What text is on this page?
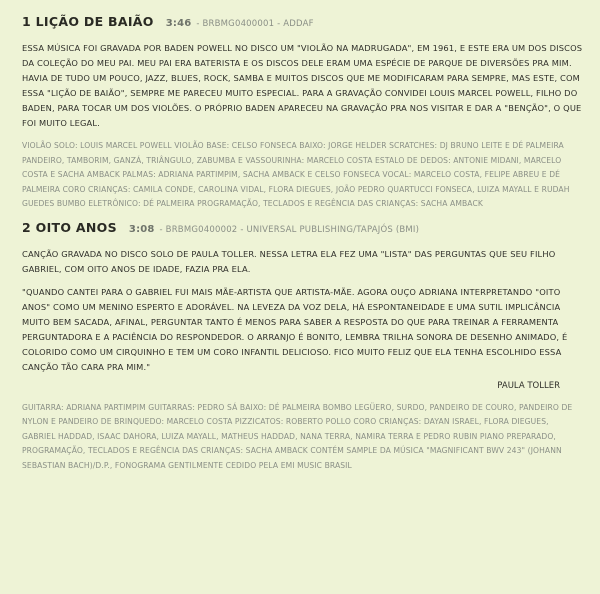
1 LIÇÃO DE BAIÃO 3:46 - BRBMG0400001 - ADDAF

ESSA MÚSICA FOI GRAVADA POR BADEN POWELL NO DISCO UM "VIOLÃO NA MADRUGADA", EM 1961, E ESTE ERA UM DOS DISCOS DA COLEÇÃO DO MEU PAI. MEU PAI ERA BATERISTA E OS DISCOS DELE ERAM UMA ESPÉCIE DE PARQUE DE DIVERSÕES PRA MIM. HAVIA DE TUDO UM POUCO, JAZZ, BLUES, ROCK, SAMBA E MUITOS DISCOS QUE ME MODIFICARAM PARA SEMPRE, MAS ESTE, COM ESSA "LIÇÃO DE BAIÃO", SEMPRE ME PARECEU MUITO ESPECIAL. PARA A GRAVAÇÃO CONVIDEI LOUIS MARCEL POWELL, FILHO DO BADEN, PARA TOCAR UM DOS VIOLÕES. O PRÓPRIO BADEN APARECEU NA GRAVAÇÃO PRA NOS VISITAR E DAR A "BENÇÃO", O QUE FOI MUITO LEGAL.

VIOLÃO SOLO: LOUIS MARCEL POWELL VIOLÃO BASE: CELSO FONSECA BAIXO: JORGE HELDER SCRATCHES: DJ BRUNO LEITE E DÉ PALMEIRA PANDEIRO, TAMBORIM, GANZÁ, TRIÂNGULO, ZABUMBA E VASSOURINHA: MARCELO COSTA ESTALO DE DEDOS: ANTONIE MIDANI, MARCELO COSTA E SACHA AMBACK PALMAS: ADRIANA PARTIMPIM, SACHA AMBACK E CELSO FONSECA VOCAL: MARCELO COSTA, FELIPE ABREU E DÉ PALMEIRA CORO CRIANÇAS: CAMILA CONDE, CAROLINA VIDAL, FLORA DIEGUES, JOÃO PEDRO QUARTUCCI FONSECA, LUIZA MAYALL E RUDAH GUEDES BUMBO ELETRÔNICO: DÉ PALMEIRA PROGRAMAÇÃO, TECLADOS E REGÊNCIA DAS CRIANÇAS: SACHA AMBACK

2 OITO ANOS 3:08 - BRBMG0400002 - UNIVERSAL PUBLISHING/TAPAJÓS (BMI)

CANÇÃO GRAVADA NO DISCO SOLO DE PAULA TOLLER. NESSA LETRA ELA FEZ UMA "LISTA" DAS PERGUNTAS QUE SEU FILHO GABRIEL, COM OITO ANOS DE IDADE, FAZIA PRA ELA.

"QUANDO CANTEI PARA O GABRIEL FUI MAIS MÃE-ARTISTA QUE ARTISTA-MÃE. AGORA OUÇO ADRIANA INTERPRETANDO "OITO ANOS" COMO UM MENINO ESPERTO E ADORÁVEL. NA LEVEZA DA VOZ DELA, HÁ ESPONTANEIDADE E UMA SUTIL IMPLICÂNCIA MUITO BEM SACADA, AFINAL, PERGUNTAR TANTO É MENOS PARA SABER A RESPOSTA DO QUE PARA TREINAR A FERRAMENTA PERGUNTADORA E A PACIÊNCIA DO RESPONDEDOR. O ARRANJO É BONITO, LEMBRA TRILHA SONORA DE DESENHO ANIMADO, É COLORIDO COMO UM CIRQUINHO E TEM UM CORO INFANTIL DELICIOSO. FICO MUITO FELIZ QUE ELA TENHA ESCOLHIDO ESSA CANÇÃO TÃO CARA PRA MIM."

PAULA TOLLER

GUITARRA: ADRIANA PARTIMPIM GUITARRAS: PEDRO SÁ BAIXO: DÉ PALMEIRA BOMBO LEGÜERO, SURDO, PANDEIRO DE COURO, PANDEIRO DE NYLON E PANDEIRO DE BRINQUEDO: MARCELO COSTA PIZZICATOS: ROBERTO POLLO CORO CRIANÇAS: DAYAN ISRAEL, FLORA DIEGUES, GABRIEL HADDAD, ISAAC DAHORA, LUIZA MAYALL, MATHEUS HADDAD, NANA TERRA, NAMIRA TERRA E PEDRO RUBIN PIANO PREPARADO, PROGRAMAÇÃO, TECLADOS E REGÊNCIA DAS CRIANÇAS: SACHA AMBACK CONTÉM SAMPLE DA MÚSICA "MAGNIFICANT BWV 243" (JOHANN SEBASTIAN BACH)/D.P., FONOGRAMA GENTILMENTE CEDIDO PELA EMI MUSIC BRASIL
